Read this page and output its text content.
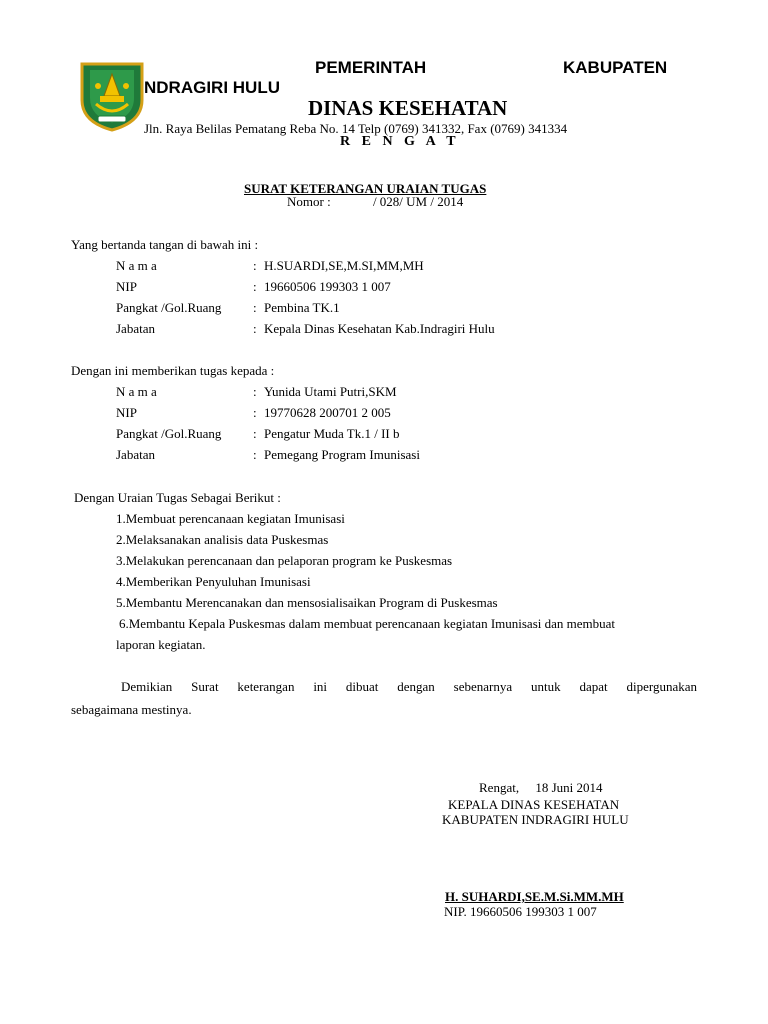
PEMERINTAH	KABUPATEN
NDRAGIRI HULU
DINAS KESEHATAN
Jln. Raya Belilas Pematang Reba No. 14 Telp (0769) 341332, Fax (0769) 341334
R E N G A T
SURAT KETERANGAN URAIAN TUGAS
Nomor :             / 028/ UM / 2014
Yang bertanda tangan di bawah ini :
N a m a	: H.SUARDI,SE,M.SI,MM,MH
NIP	: 19660506 199303 1 007
Pangkat /Gol.Ruang : Pembina TK.1
Jabatan	: Kepala Dinas Kesehatan Kab.Indragiri Hulu
Dengan ini memberikan tugas kepada :
N a m a	: Yunida Utami Putri,SKM
NIP	: 19770628 200701 2 005
Pangkat /Gol.Ruang : Pengatur Muda Tk.1 / II b
Jabatan	: Pemegang Program Imunisasi
Dengan Uraian Tugas Sebagai Berikut :
1.Membuat perencanaan kegiatan Imunisasi
2.Melaksanakan analisis data Puskesmas
3.Melakukan perencanaan dan pelaporan program ke Puskesmas
4.Memberikan Penyuluhan Imunisasi
5.Membantu Merencanakan dan mensosialisaikan Program di Puskesmas
6.Membantu Kepala Puskesmas dalam membuat perencanaan kegiatan Imunisasi dan membuat
laporan kegiatan.
Demikian Surat keterangan ini dibuat dengan sebenarnya untuk dapat dipergunakan
sebagaimana mestinya.
Rengat,     18 Juni 2014
KEPALA DINAS KESEHATAN
KABUPATEN INDRAGIRI HULU
H. SUHARDI,SE.M.Si.MM.MH
NIP. 19660506 199303 1 007
